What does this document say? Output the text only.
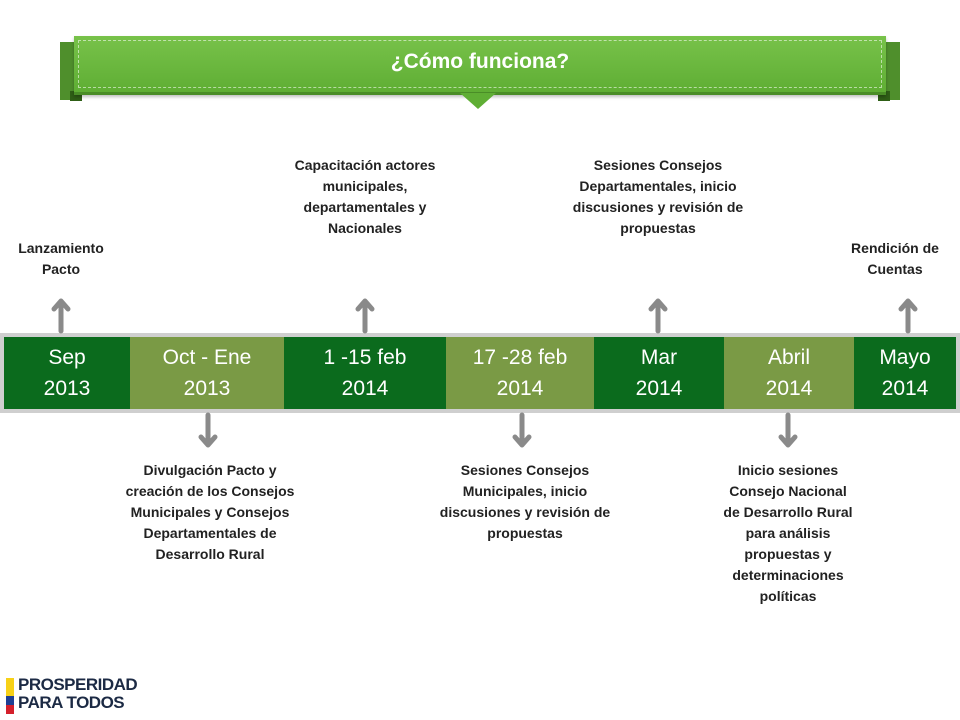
¿Cómo funciona?
Sep
2013
Oct - Ene
2013
1 -15 feb
2014
17 -28 feb
2014
Mar
2014
Abril
2014
Mayo
2014
Lanzamiento
Pacto
Capacitación actores
municipales,
departamentales y
Nacionales
Sesiones Consejos
Departamentales, inicio
discusiones y revisión de
propuestas
Rendición de
Cuentas
Divulgación Pacto y
creación de los Consejos
Municipales y Consejos
Departamentales de
Desarrollo Rural
Sesiones Consejos
Municipales, inicio
discusiones y revisión de
propuestas
Inicio sesiones
Consejo Nacional
de Desarrollo Rural
para análisis
propuestas y
determinaciones
políticas
PROSPERIDAD
PARA TODOS
